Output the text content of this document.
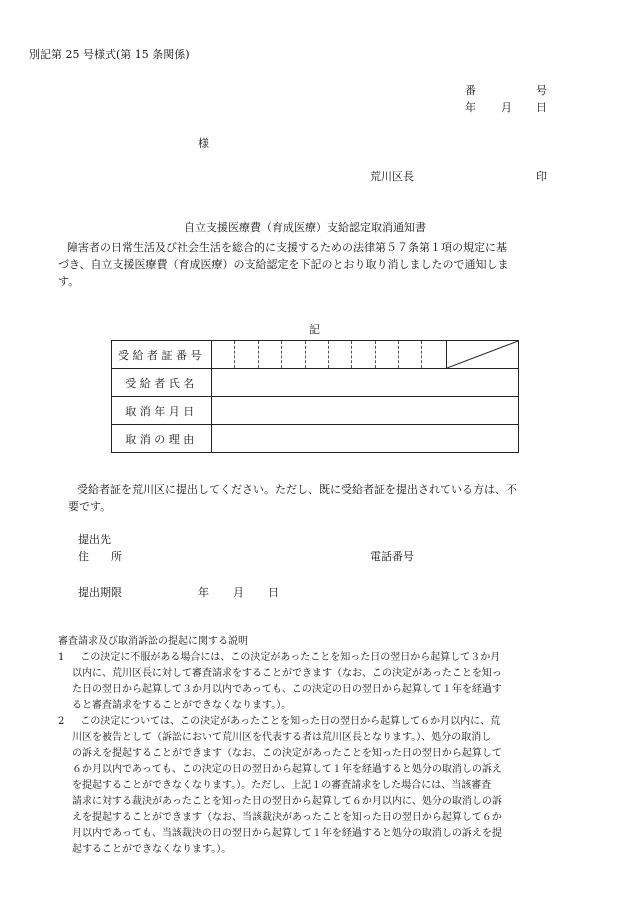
別記第 25 号様式(第 15 条関係)
番	号
年 月 日
様
荒川区長	印
自立支援医療費（育成医療）支給認定取消通知書
障害者の日常生活及び社会生活を総合的に支援するための法律第５７条第１項の規定に基
づき、自立支援医療費（育成医療）の支給認定を下記のとおり取り消しましたので通知しま
す。
記
受給者証番号	

受給者氏名		
取消年月日		
取消の理由		
受給者証を荒川区に提出してください。ただし、既に受給者証を提出されている方は、不
要です。
提出先
住　　所	電話番号
提出期限	年 月 日
審査請求及び取消訴訟の提起に関する説明
1 この決定に不服がある場合には、この決定があったことを知った日の翌日から起算して３か月
以内に、荒川区長に対して審査請求をすることができます（なお、この決定があったことを知っ
た日の翌日から起算して３か月以内であっても、この決定の日の翌日から起算して１年を経過す
ると審査請求をすることができなくなります。）。
2 この決定については、この決定があったことを知った日の翌日から起算して６か月以内に、荒
川区を被告として（訴訟において荒川区を代表する者は荒川区長となります。）、処分の取消し
の訴えを提起することができます（なお、この決定があったことを知った日の翌日から起算して
６か月以内であっても、この決定の日の翌日から起算して１年を経過すると処分の取消しの訴え
を提起することができなくなります。）。ただし、上記１の審査請求をした場合には、当該審査
請求に対する裁決があったことを知った日の翌日から起算して６か月以内に、処分の取消しの訴
えを提起することができます（なお、当該裁決があったことを知った日の翌日から起算して６か
月以内であっても、当該裁決の日の翌日から起算して１年を経過すると処分の取消しの訴えを提
起することができなくなります。）。
